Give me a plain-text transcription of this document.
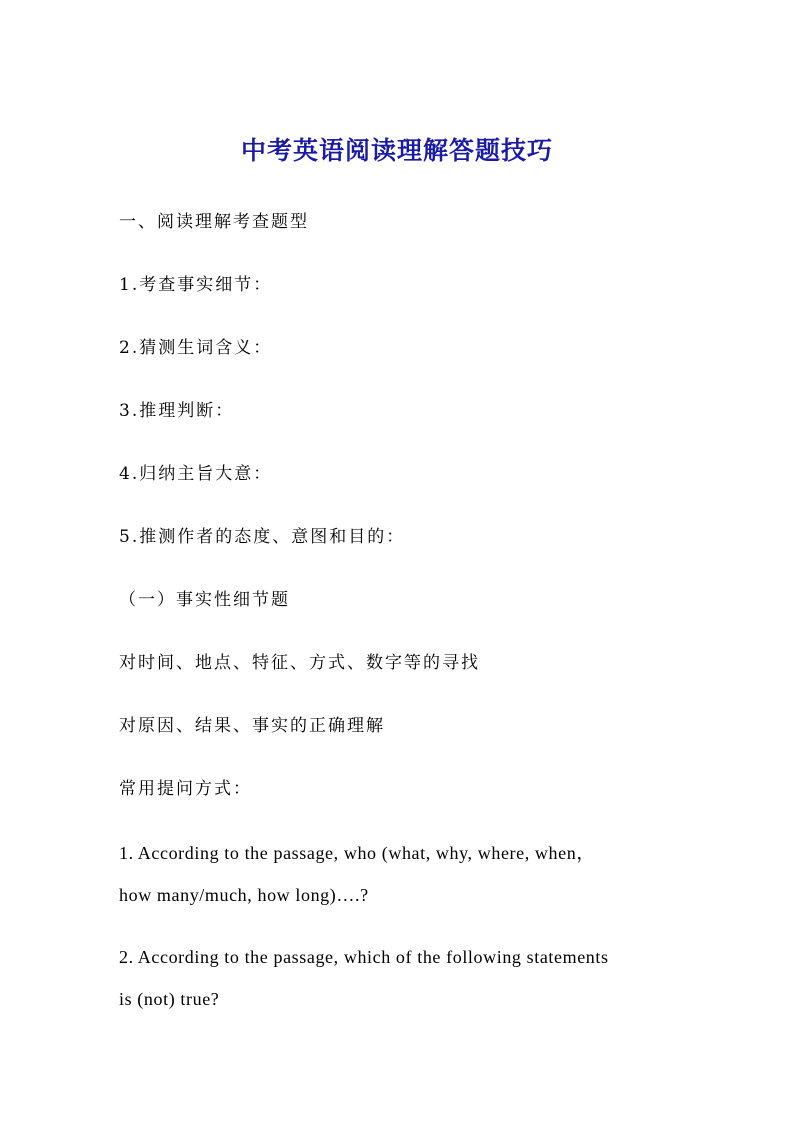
中考英语阅读理解答题技巧
一、阅读理解考查题型
1.考查事实细节：
2.猜测生词含义：
3.推理判断：
4.归纳主旨大意：
5.推测作者的态度、意图和目的：
（一）事实性细节题
对时间、地点、特征、方式、数字等的寻找
对原因、结果、事实的正确理解
常用提问方式：
1. According to the passage, who (what, why, where, when，
how many/much, how long)….?
2. According to the passage, which of the following statements
is (not) true?
